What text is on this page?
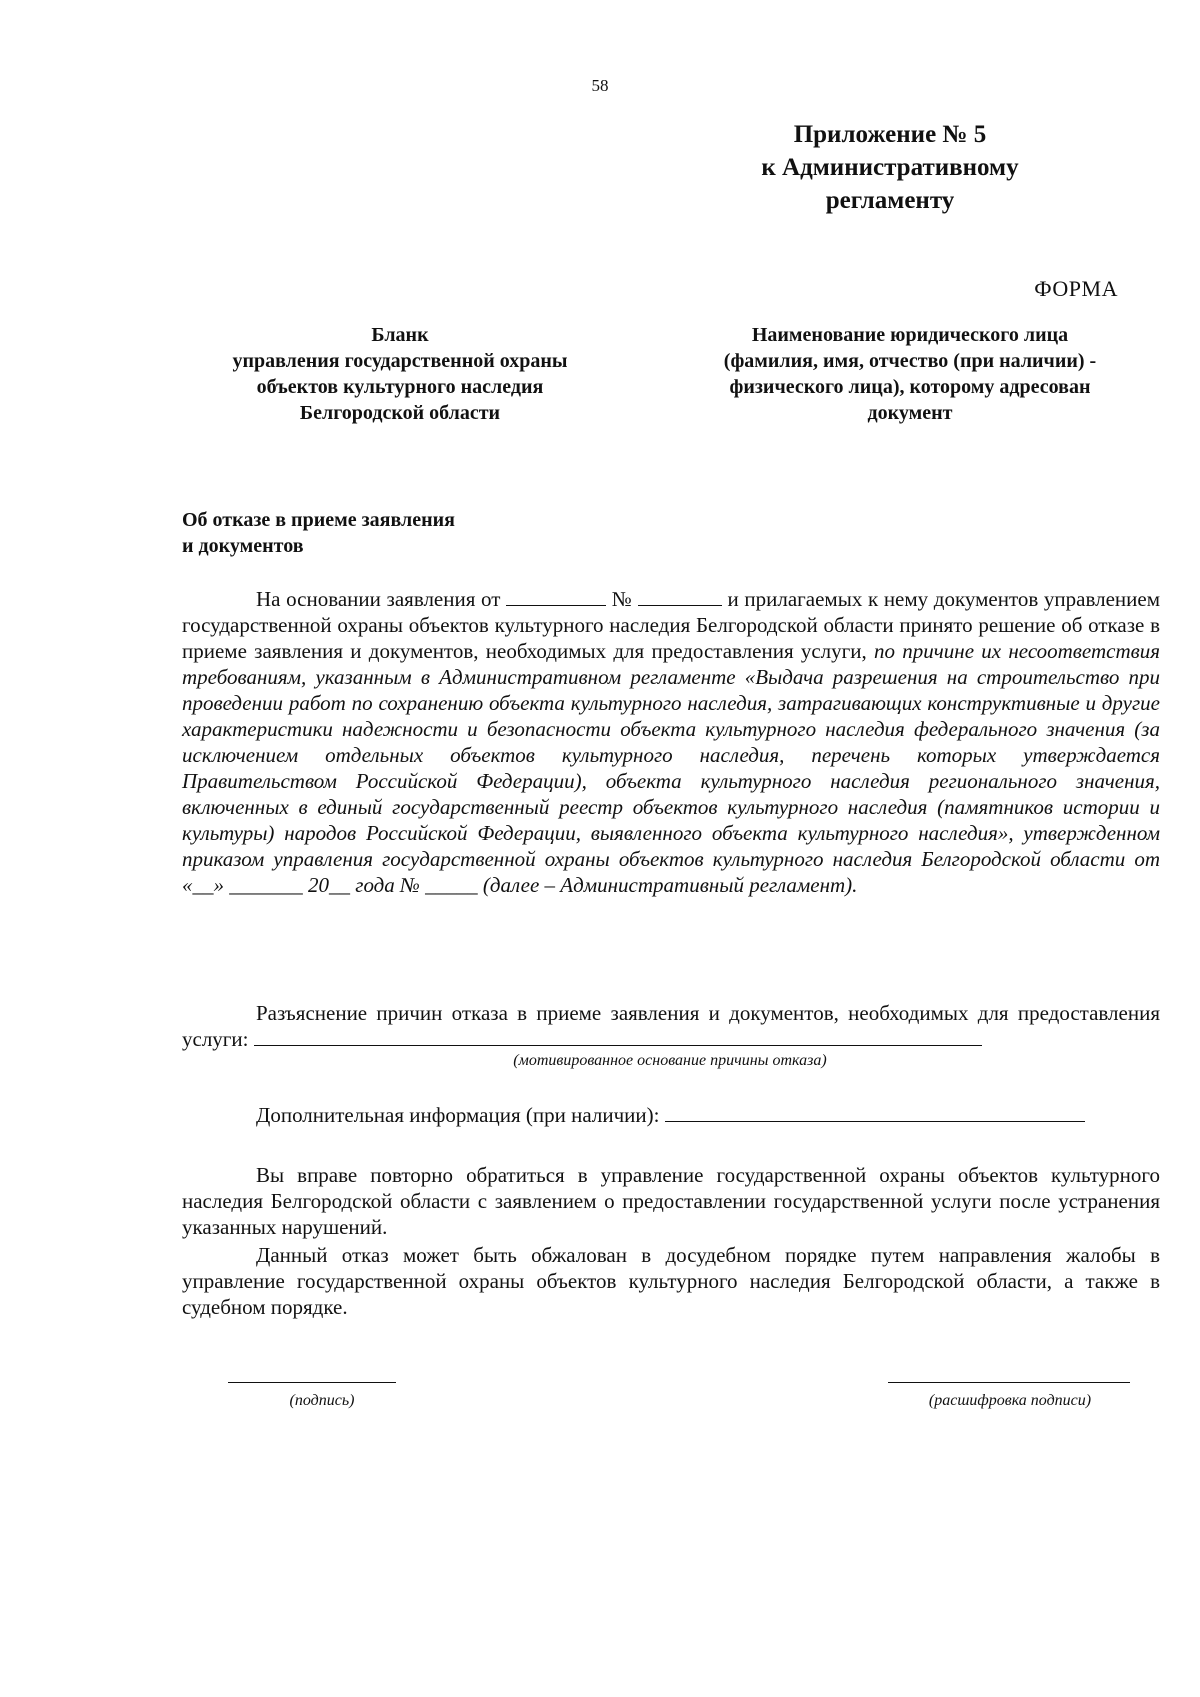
58
Приложение № 5
к Административному
регламенту
ФОРМА
Бланк
управления государственной охраны
объектов культурного наследия
Белгородской области
Наименование юридического лица
(фамилия, имя, отчество (при наличии) -
физического лица), которому адресован
документ
Об отказе в приеме заявления
и документов
На основании заявления от	№	и прилагаемых к нему документов управлением государственной охраны объектов культурного наследия Белгородской области принято решение об отказе в приеме заявления и документов, необходимых для предоставления услуги, по причине их несоответствия требованиям, указанным в Административном регламенте «Выдача разрешения на строительство при проведении работ по сохранению объекта культурного наследия, затрагивающих конструктивные и другие характеристики надежности и безопасности объекта культурного наследия федерального значения (за исключением отдельных объектов культурного наследия, перечень которых утверждается Правительством Российской Федерации), объекта культурного наследия регионального значения, включенных в единый государственный реестр объектов культурного наследия (памятников истории и культуры) народов Российской Федерации, выявленного объекта культурного наследия», утвержденном приказом управления государственной охраны объектов культурного наследия Белгородской области от «__» _______ 20__ года № _____ (далее – Административный регламент).
Разъяснение причин отказа в приеме заявления и документов, необходимых для предоставления услуги:
(мотивированное основание причины отказа)
Дополнительная информация (при наличии):
Вы вправе повторно обратиться в управление государственной охраны объектов культурного наследия Белгородской области с заявлением о предоставлении государственной услуги после устранения указанных нарушений.
Данный отказ может быть обжалован в досудебном порядке путем направления жалобы в управление государственной охраны объектов культурного наследия Белгородской области, а также в судебном порядке.
(подпись)	(расшифровка подписи)
